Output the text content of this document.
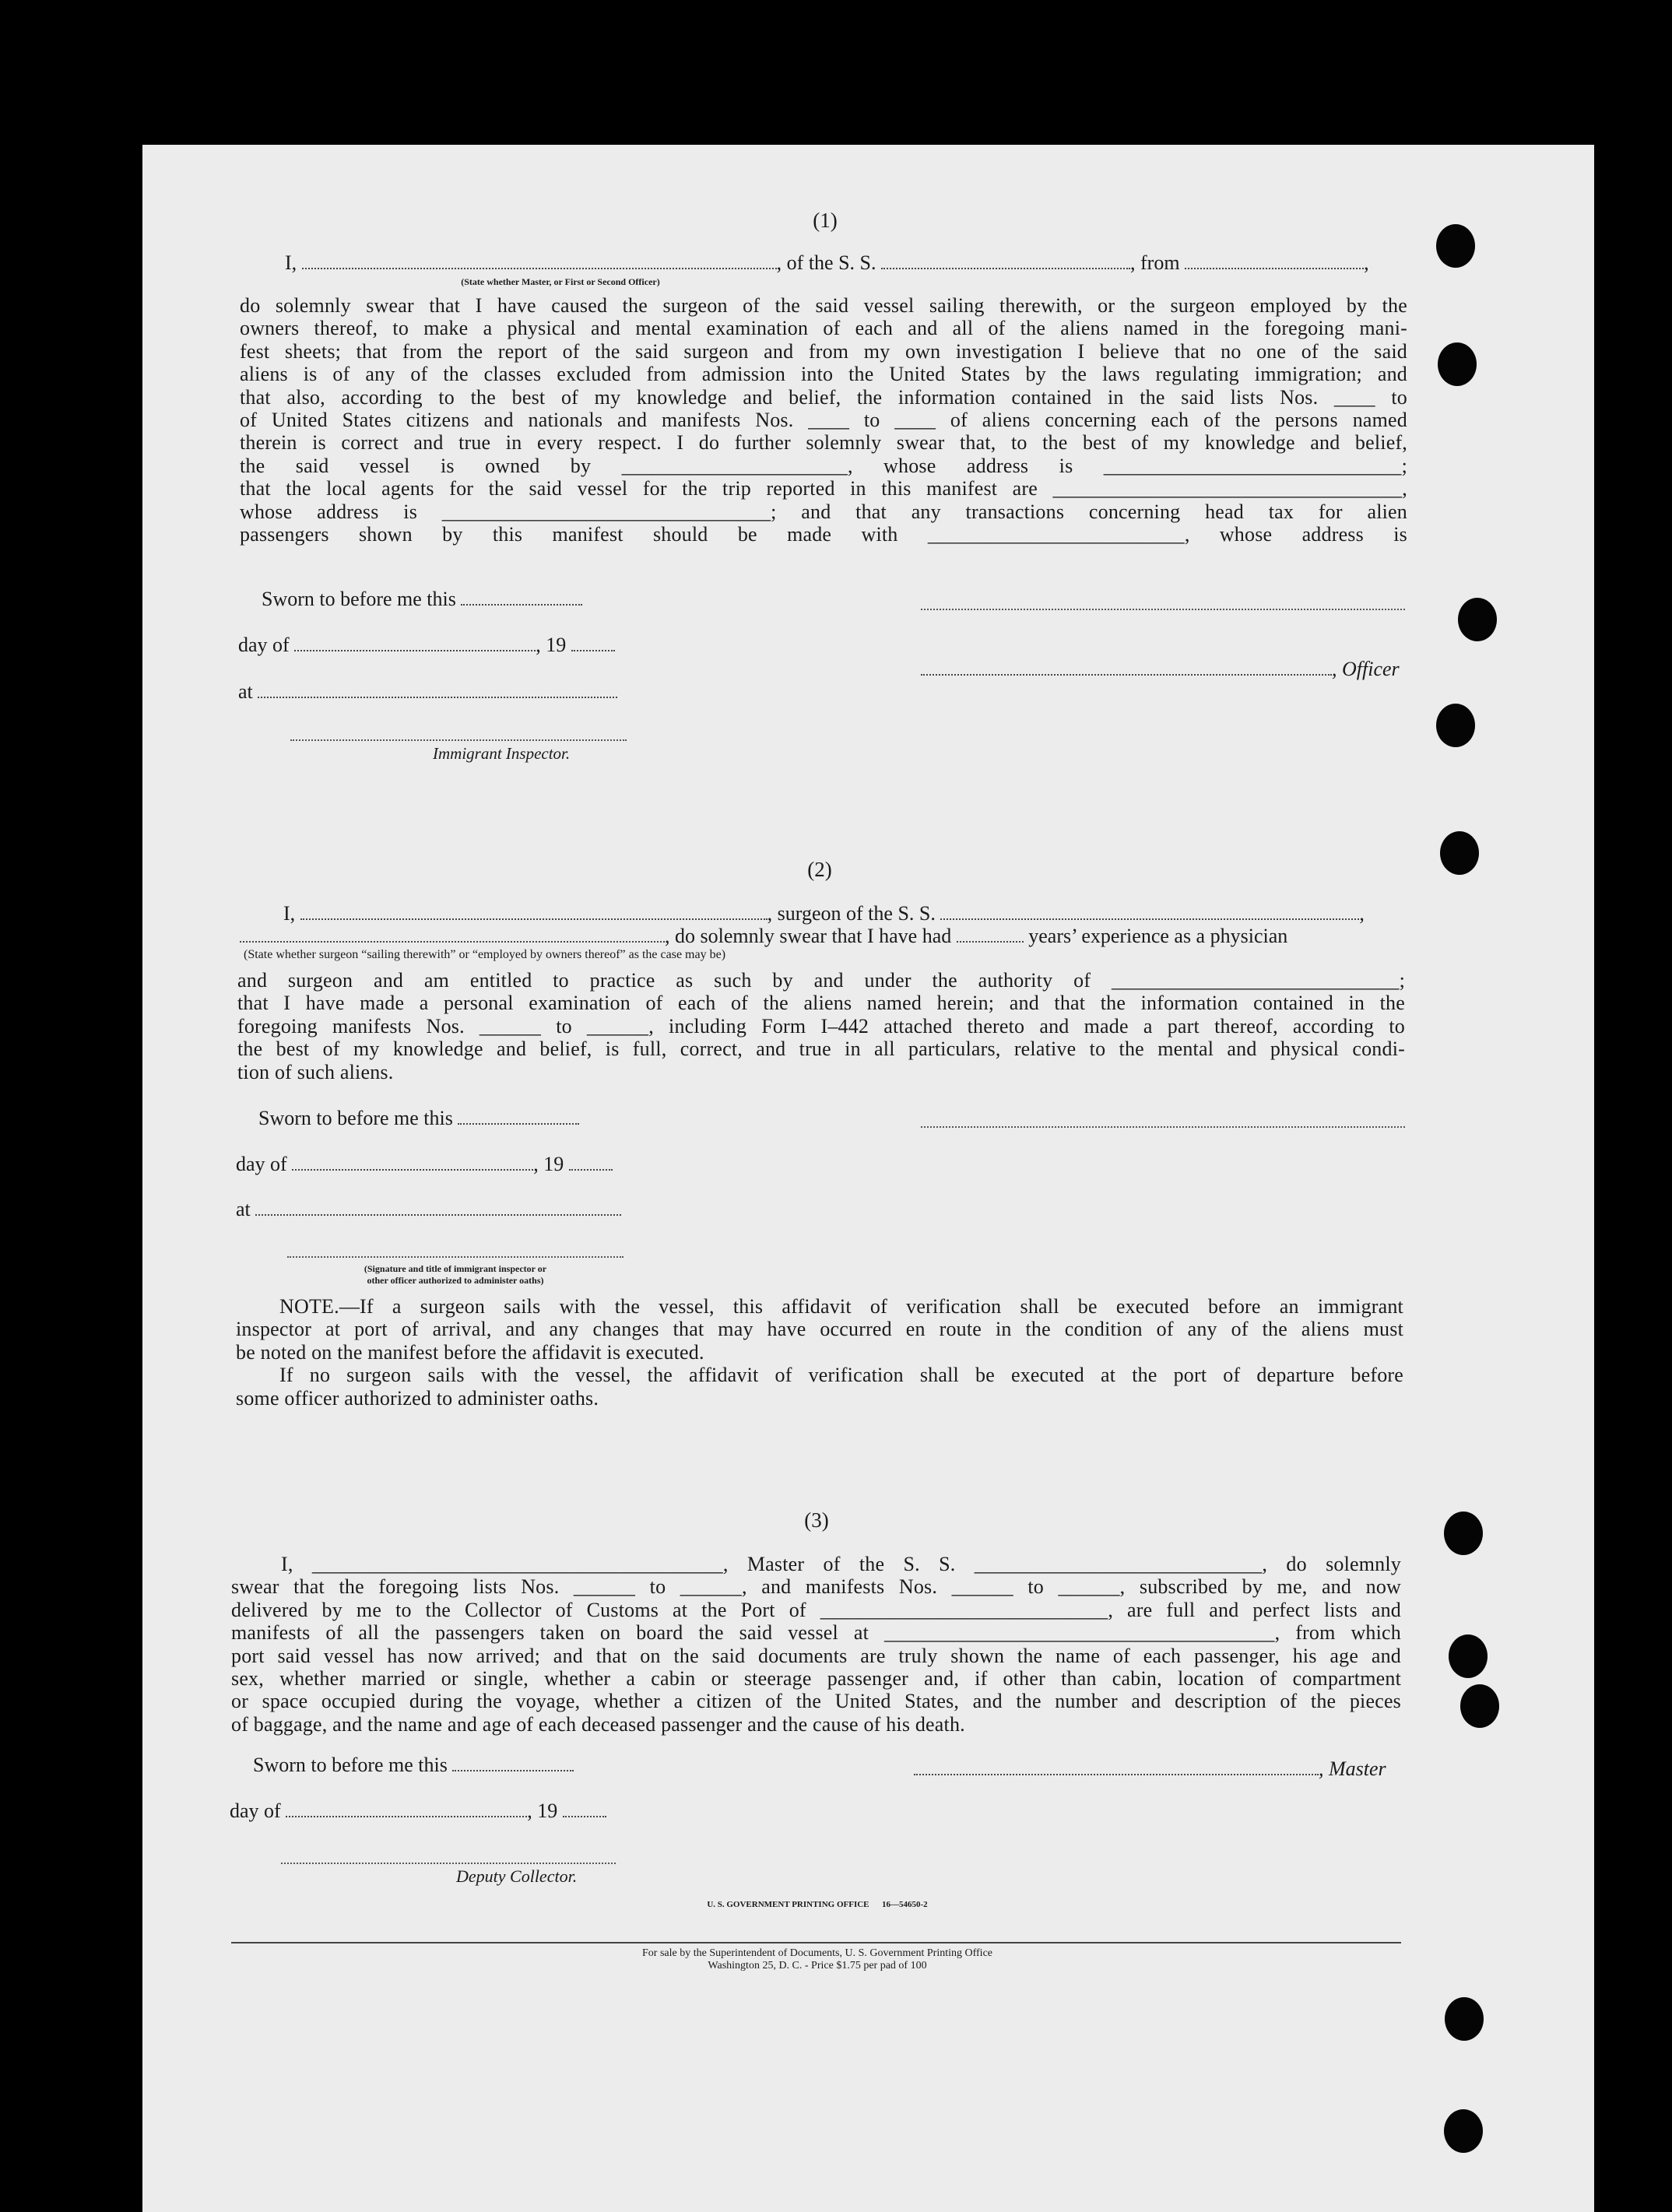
(1)
I,	, of the S. S.	, from	,
(State whether Master, or First or Second Officer)
do solemnly swear that I have caused the surgeon of the said vessel sailing therewith, or the surgeon employed by the
owners thereof, to make a physical and mental examination of each and all of the aliens named in the foregoing mani-
fest sheets; that from the report of the said surgeon and from my own investigation I believe that no one of the said
aliens is of any of the classes excluded from admission into the United States by the laws regulating immigration; and
that also, according to the best of my knowledge and belief, the information contained in the said lists Nos. ____ to
of United States citizens and nationals and manifests Nos. ____ to ____ of aliens concerning each of the persons named
therein is correct and true in every respect. I do further solemnly swear that, to the best of my knowledge and belief,
the said vessel is owned by ______________________, whose address is _____________________________;
that the local agents for the said vessel for the trip reported in this manifest are __________________________________,
whose address is ________________________________; and that any transactions concerning head tax for alien
passengers shown by this manifest should be made with _________________________, whose address is
Sworn to before me this
day of	, 19
, Officer
at
Immigrant Inspector.
(2)
I,	, surgeon of the S. S.	,
, do solemnly swear that I have had	years’ experience as a physician
(State whether surgeon “sailing therewith” or “employed by owners thereof” as the case may be)
and surgeon and am entitled to practice as such by and under the authority of ____________________________;
that I have made a personal examination of each of the aliens named herein; and that the information contained in the
foregoing manifests Nos. ______ to ______, including Form I–442 attached thereto and made a part thereof, according to
the best of my knowledge and belief, is full, correct, and true in all particulars, relative to the mental and physical condi-
tion of such aliens.
Sworn to before me this
day of	, 19
at
(Signature and title of immigrant inspector or
other officer authorized to administer oaths)
NOTE.—If a surgeon sails with the vessel, this affidavit of verification shall be executed before an immigrant
inspector at port of arrival, and any changes that may have occurred en route in the condition of any of the aliens must
be noted on the manifest before the affidavit is executed.
If no surgeon sails with the vessel, the affidavit of verification shall be executed at the port of departure before
some officer authorized to administer oaths.
(3)
I, ________________________________________, Master of the S. S. ____________________________, do solemnly
swear that the foregoing lists Nos. ______ to ______, and manifests Nos. ______ to ______, subscribed by me, and now
delivered by me to the Collector of Customs at the Port of ____________________________, are full and perfect lists and
manifests of all the passengers taken on board the said vessel at ______________________________________, from which
port said vessel has now arrived; and that on the said documents are truly shown the name of each passenger, his age and
sex, whether married or single, whether a cabin or steerage passenger and, if other than cabin, location of compartment
or space occupied during the voyage, whether a citizen of the United States, and the number and description of the pieces
of baggage, and the name and age of each deceased passenger and the cause of his death.
Sworn to before me this	, Master
day of	, 19
Deputy Collector.
U. S. GOVERNMENT PRINTING OFFICE      16—54650-2
For sale by the Superintendent of Documents, U. S. Government Printing Office
Washington 25, D. C. - Price $1.75 per pad of 100
